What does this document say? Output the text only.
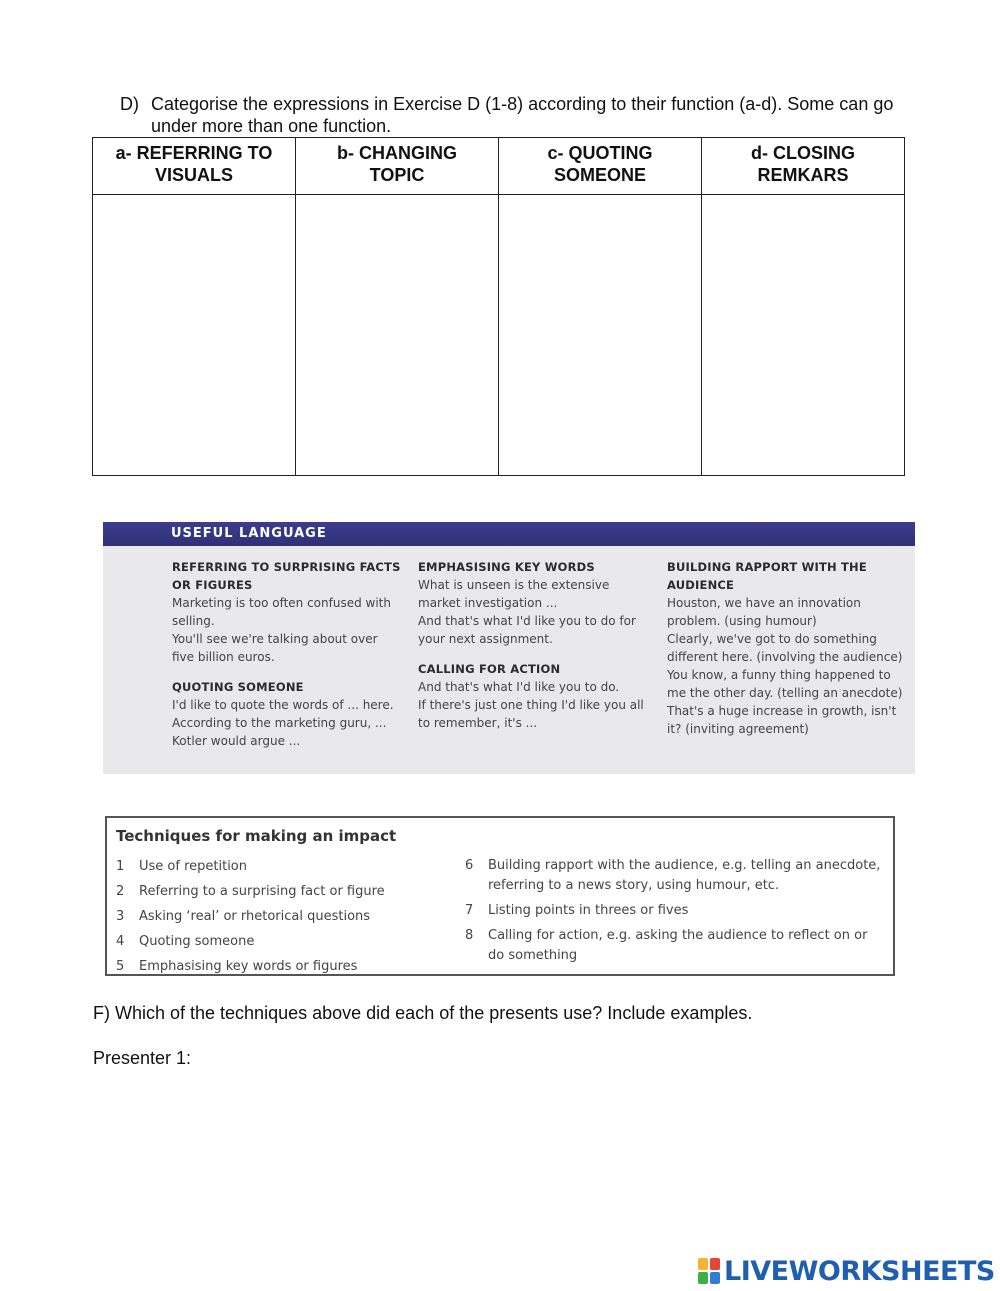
D) Categorise the expressions in Exercise D (1-8) according to their function (a-d). Some can go under more than one function.
a- REFERRING TO VISUALS	b- CHANGING TOPIC	c- QUOTING SOMEONE	d- CLOSING REMKARS

USEFUL LANGUAGE
REFERRING TO SURPRISING FACTS OR FIGURES
Marketing is too often confused with selling.
You'll see we're talking about over five billion euros.
QUOTING SOMEONE
I'd like to quote the words of ... here.
According to the marketing guru, ...
Kotler would argue ...
EMPHASISING KEY WORDS
What is unseen is the extensive market investigation ...
And that's what I'd like you to do for your next assignment.
CALLING FOR ACTION
And that's what I'd like you to do.
If there's just one thing I'd like you all to remember, it's ...
BUILDING RAPPORT WITH THE AUDIENCE
Houston, we have an innovation problem. (using humour)
Clearly, we've got to do something different here. (involving the audience)
You know, a funny thing happened to me the other day. (telling an anecdote)
That's a huge increase in growth, isn't it? (inviting agreement)
Techniques for making an impact
1	Use of repetition
2	Referring to a surprising fact or figure
3	Asking ‘real’ or rhetorical questions
4	Quoting someone
5	Emphasising key words or figures
6	Building rapport with the audience, e.g. telling an anecdote, referring to a news story, using humour, etc.
7	Listing points in threes or fives
8	Calling for action, e.g. asking the audience to reflect on or do something
F) Which of the techniques above did each of the presents use? Include examples.
Presenter 1:
LIVEWORKSHEETS
